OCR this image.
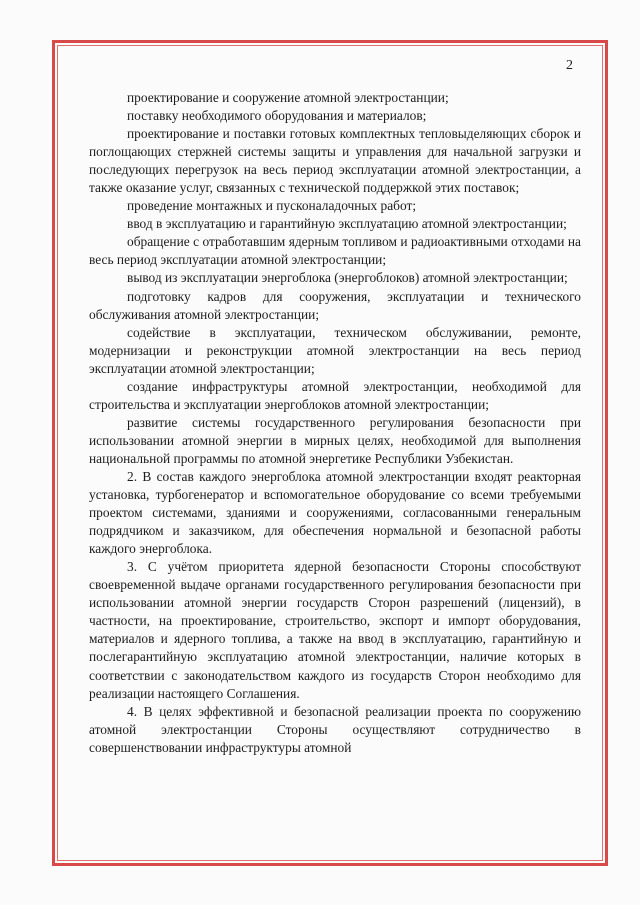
2

проектирование и сооружение атомной электростанции;

поставку необходимого оборудования и материалов;

проектирование и поставки готовых комплектных тепловыделяющих сборок и поглощающих стержней системы защиты и управления для начальной загрузки и последующих перегрузок на весь период эксплуатации атомной электростанции, а также оказание услуг, связанных с технической поддержкой этих поставок;

проведение монтажных и пусконаладочных работ;

ввод в эксплуатацию и гарантийную эксплуатацию атомной электростанции;

обращение с отработавшим ядерным топливом и радиоактивными отходами на весь период эксплуатации атомной электростанции;

вывод из эксплуатации энергоблока (энергоблоков) атомной электростанции;

подготовку кадров для сооружения, эксплуатации и технического обслуживания атомной электростанции;

содействие в эксплуатации, техническом обслуживании, ремонте, модернизации и реконструкции атомной электростанции на весь период эксплуатации атомной электростанции;

создание инфраструктуры атомной электростанции, необходимой для строительства и эксплуатации энергоблоков атомной электростанции;

развитие системы государственного регулирования безопасности при использовании атомной энергии в мирных целях, необходимой для выполнения национальной программы по атомной энергетике Республики Узбекистан.

2. В состав каждого энергоблока атомной электростанции входят реакторная установка, турбогенератор и вспомогательное оборудование со всеми требуемыми проектом системами, зданиями и сооружениями, согласованными генеральным подрядчиком и заказчиком, для обеспечения нормальной и безопасной работы каждого энергоблока.

3. С учётом приоритета ядерной безопасности Стороны способствуют своевременной выдаче органами государственного регулирования безопасности при использовании атомной энергии государств Сторон разрешений (лицензий), в частности, на проектирование, строительство, экспорт и импорт оборудования, материалов и ядерного топлива, а также на ввод в эксплуатацию, гарантийную и послегарантийную эксплуатацию атомной электростанции, наличие которых в соответствии с законодательством каждого из государств Сторон необходимо для реализации настоящего Соглашения.

4. В целях эффективной и безопасной реализации проекта по сооружению атомной электростанции Стороны осуществляют сотрудничество в совершенствовании инфраструктуры атомной
